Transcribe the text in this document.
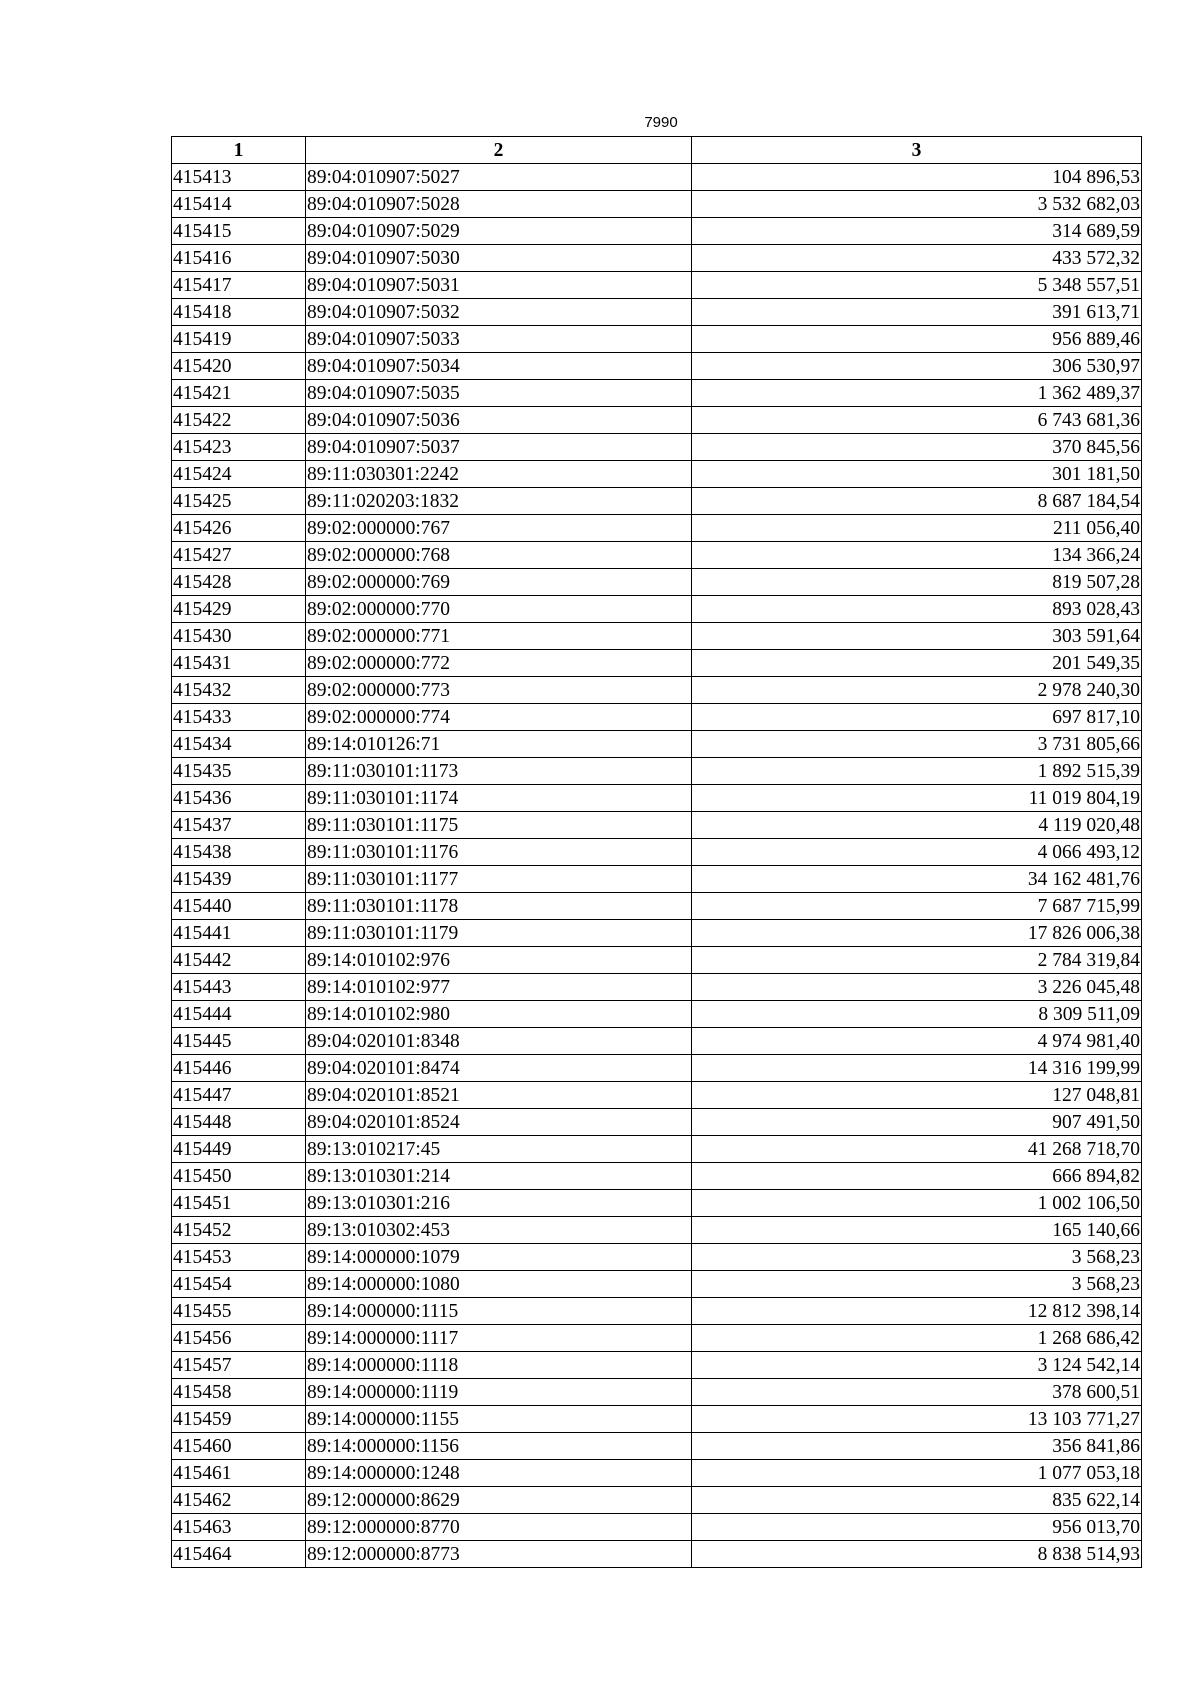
7990
1	2	3
415413	89:04:010907:5027	104 896,53
415414	89:04:010907:5028	3 532 682,03
415415	89:04:010907:5029	314 689,59
415416	89:04:010907:5030	433 572,32
415417	89:04:010907:5031	5 348 557,51
415418	89:04:010907:5032	391 613,71
415419	89:04:010907:5033	956 889,46
415420	89:04:010907:5034	306 530,97
415421	89:04:010907:5035	1 362 489,37
415422	89:04:010907:5036	6 743 681,36
415423	89:04:010907:5037	370 845,56
415424	89:11:030301:2242	301 181,50
415425	89:11:020203:1832	8 687 184,54
415426	89:02:000000:767	211 056,40
415427	89:02:000000:768	134 366,24
415428	89:02:000000:769	819 507,28
415429	89:02:000000:770	893 028,43
415430	89:02:000000:771	303 591,64
415431	89:02:000000:772	201 549,35
415432	89:02:000000:773	2 978 240,30
415433	89:02:000000:774	697 817,10
415434	89:14:010126:71	3 731 805,66
415435	89:11:030101:1173	1 892 515,39
415436	89:11:030101:1174	11 019 804,19
415437	89:11:030101:1175	4 119 020,48
415438	89:11:030101:1176	4 066 493,12
415439	89:11:030101:1177	34 162 481,76
415440	89:11:030101:1178	7 687 715,99
415441	89:11:030101:1179	17 826 006,38
415442	89:14:010102:976	2 784 319,84
415443	89:14:010102:977	3 226 045,48
415444	89:14:010102:980	8 309 511,09
415445	89:04:020101:8348	4 974 981,40
415446	89:04:020101:8474	14 316 199,99
415447	89:04:020101:8521	127 048,81
415448	89:04:020101:8524	907 491,50
415449	89:13:010217:45	41 268 718,70
415450	89:13:010301:214	666 894,82
415451	89:13:010301:216	1 002 106,50
415452	89:13:010302:453	165 140,66
415453	89:14:000000:1079	3 568,23
415454	89:14:000000:1080	3 568,23
415455	89:14:000000:1115	12 812 398,14
415456	89:14:000000:1117	1 268 686,42
415457	89:14:000000:1118	3 124 542,14
415458	89:14:000000:1119	378 600,51
415459	89:14:000000:1155	13 103 771,27
415460	89:14:000000:1156	356 841,86
415461	89:14:000000:1248	1 077 053,18
415462	89:12:000000:8629	835 622,14
415463	89:12:000000:8770	956 013,70
415464	89:12:000000:8773	8 838 514,93
